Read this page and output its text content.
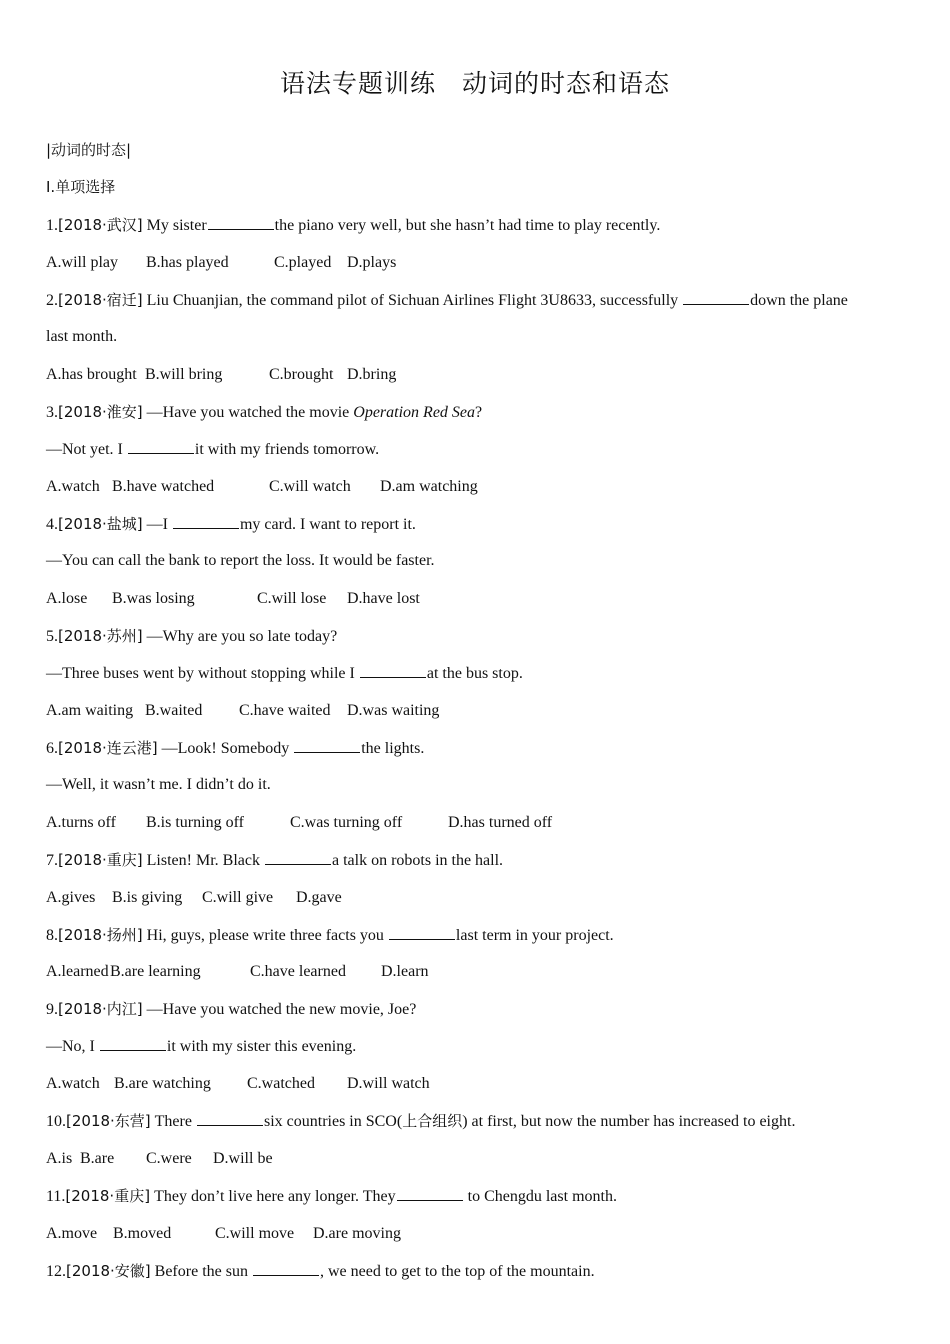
语法专题训练 动词的时态和语态
|动词的时态|
Ⅰ.单项选择
1.[2018·武汉] My sister	the piano very well, but she hasn’t had time to play recently.
A.will play B.has played	C.played D.plays
2.[2018·宿迁] Liu Chuanjian, the command pilot of Sichuan Airlines Flight 3U8633, successfully	down the plane
last month.
A.has brought B.will bring	C.brought D.bring
3.[2018·淮安] —Have you watched the movie Operation Red Sea?
—Not yet. I	it with my friends tomorrow.
A.watch B.have watched	C.will watch D.am watching
4.[2018·盐城] —I	my card. I want to report it.
—You can call the bank to report the loss. It would be faster.
A.lose B.was losing	C.will lose D.have lost
5.[2018·苏州] —Why are you so late today?
—Three buses went by without stopping while I	at the bus stop.
A.am waiting B.waited C.have waited D.was waiting
6.[2018·连云港] —Look! Somebody	the lights.
—Well, it wasn’t me. I didn’t do it.
A.turns off B.is turning off	C.was turning off	D.has turned off
7.[2018·重庆] Listen! Mr. Black	a talk on robots in the hall.
A.gives B.is giving C.will give D.gave
8.[2018·扬州] Hi, guys, please write three facts you	last term in your project.
A.learnedB.are learning	C.have learned D.learn
9.[2018·内江] —Have you watched the new movie, Joe?
—No, I	it with my sister this evening.
A.watch B.are watching C.watched D.will watch
10.[2018·东营] There	six countries in SCO(上合组织) at first, but now the number has increased to eight.
A.is B.are C.were D.will be
11.[2018·重庆] They don’t live here any longer. They	to Chengdu last month.
A.move B.moved	C.will move D.are moving
12.[2018·安徽] Before the sun	, we need to get to the top of the mountain.
